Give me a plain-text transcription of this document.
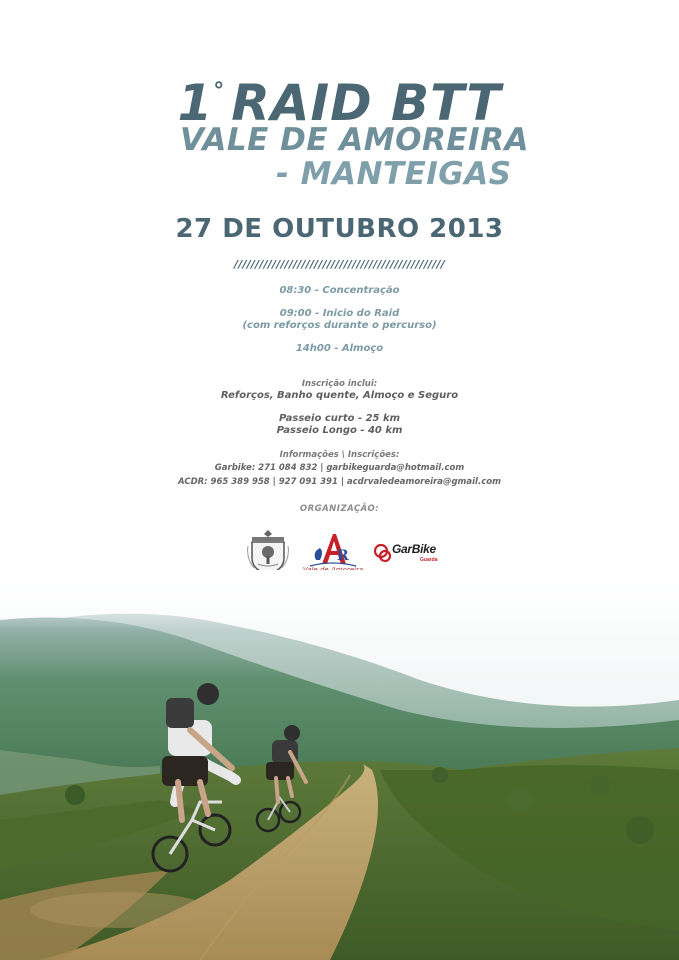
1° RAID BTT
VALE DE AMOREIRA
- MANTEIGAS
27 DE OUTUBRO 2013
//////////////////////////////////////////////////
08:30 - Concentração
09:00 - Inicio do Raid
(com reforços durante o percurso)
14h00 - Almoço
Inscrição inclui:
Reforços, Banho quente, Almoço e Seguro
Passeio curto - 25 km
Passeio Longo - 40 km
Informações \ Inscrições:
Garbike: 271 084 832 | garbikeguarda@hotmail.com
ACDR: 965 389 958 | 927 091 391 | acdrvaledeamoreira@gmail.com
ORGANIZAÇÃO:
R	GarBike
Guarda
